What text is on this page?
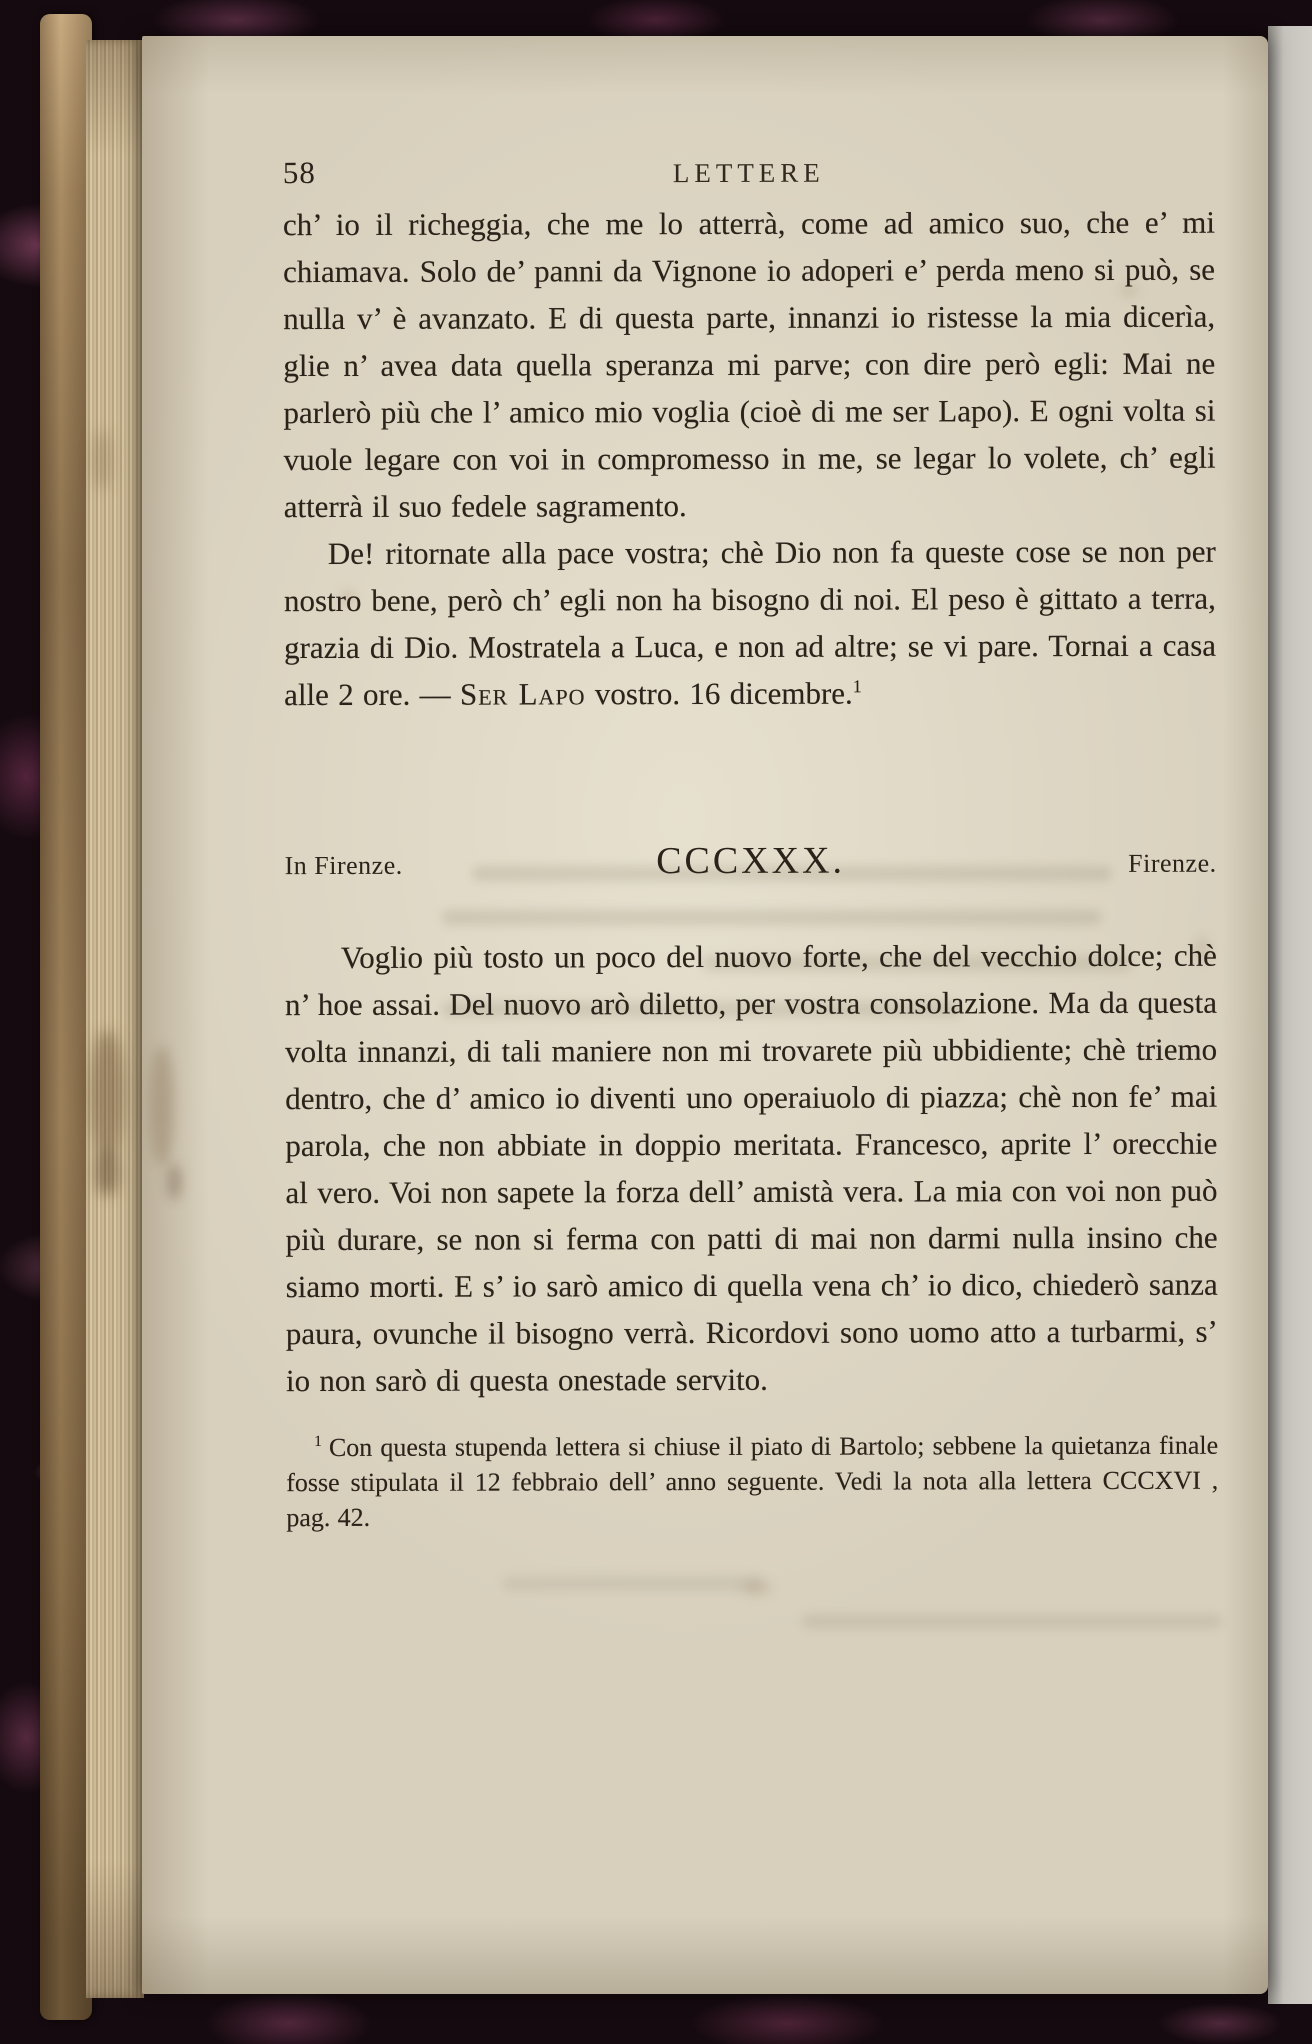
58	LETTERE

ch’ io il richeggia, che me lo atterrà, come ad amico suo, che e’ mi chiamava. Solo de’ panni da Vignone io adoperi e’ perda meno si può, se nulla v’ è avanzato. E di questa parte, innanzi io ristesse la mia dicerìa, glie n’ avea data quella speranza mi parve; con dire però egli: Mai ne parlerò più che l’ amico mio voglia (cioè di me ser Lapo). E ogni volta si vuole legare con voi in compromesso in me, se legar lo volete, ch’ egli atterrà il suo fedele sagramento.

De! ritornate alla pace vostra; chè Dio non fa queste cose se non per nostro bene, però ch’ egli non ha bisogno di noi. El peso è gittato a terra, grazia di Dio. Mostratela a Luca, e non ad altre; se vi pare. Tornai a casa alle 2 ore. — Ser Lapo vostro. 16 dicembre.$^1$

In Firenze.	CCCXXX.	Firenze.

Voglio più tosto un poco del nuovo forte, che del vecchio dolce; chè n’ hoe assai. Del nuovo arò diletto, per vostra consolazione. Ma da questa volta innanzi, di tali maniere non mi trovarete più ubbidiente; chè triemo dentro, che d’ amico io diventi uno operaiuolo di piazza; chè non fe’ mai parola, che non abbiate in doppio meritata. Francesco, aprite l’ orecchie al vero. Voi non sapete la forza dell’ amistà vera. La mia con voi non può più durare, se non si ferma con patti di mai non darmi nulla insino che siamo morti. E s’ io sarò amico di quella vena ch’ io dico, chiederò sanza paura, ovunche il bisogno verrà. Ricordovi sono uomo atto a turbarmi, s’ io non sarò di questa onestade servito.

$^1$ Con questa stupenda lettera si chiuse il piato di Bartolo; sebbene la quietanza finale fosse stipulata il 12 febbraio dell’ anno seguente. Vedi la nota alla lettera CCCXVI , pag. 42.
